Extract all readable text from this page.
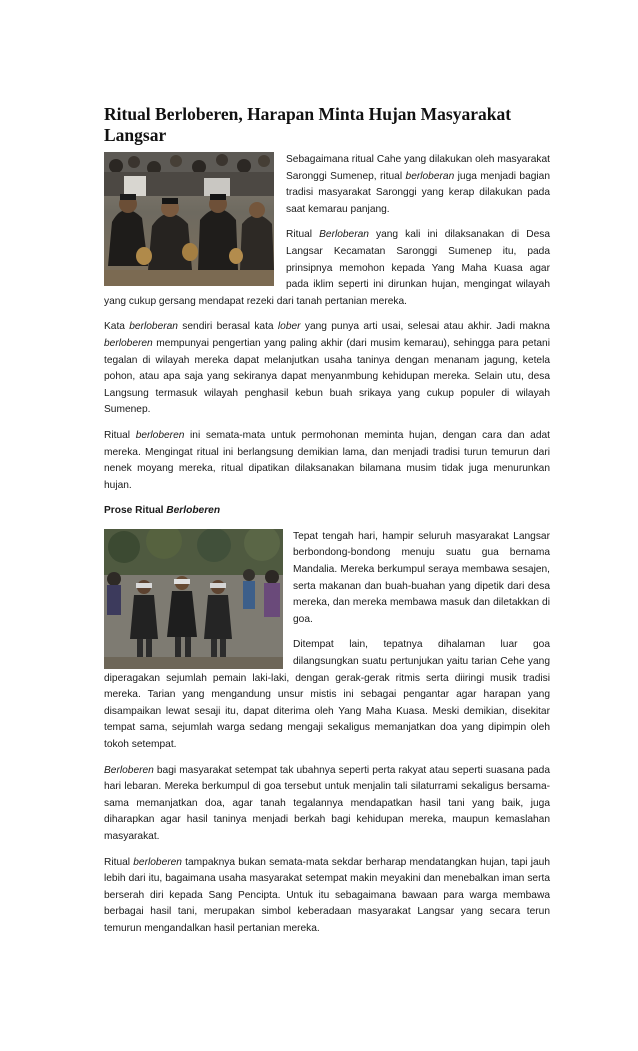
Ritual Berloberen, Harapan Minta Hujan Masyarakat Langsar

Sebagaimana ritual Cahe yang dilakukan oleh masyarakat Saronggi Sumenep, ritual berloberan juga menjadi bagian tradisi masyarakat Saronggi yang kerap dilakukan pada saat kemarau panjang.

Ritual Berloberan yang kali ini dilaksanakan di Desa Langsar Kecamatan Saronggi Sumenep itu, pada prinsipnya memohon kepada Yang Maha Kuasa agar pada iklim seperti ini dirunkan hujan, mengingat wilayah yang cukup gersang mendapat rezeki dari tanah pertanian mereka.

Kata berloberan sendiri berasal kata lober yang punya arti usai, selesai atau akhir. Jadi makna berloberen mempunyai pengertian yang paling akhir (dari musim kemarau), sehingga para petani tegalan di wilayah mereka dapat melanjutkan usaha taninya dengan menanam jagung, ketela pohon, atau apa saja yang sekiranya dapat menyanmbung kehidupan mereka. Selain utu, desa Langsung termasuk wilayah penghasil kebun buah srikaya yang cukup populer di wilayah Sumenep.

Ritual berloberen ini semata-mata untuk permohonan meminta hujan, dengan cara dan adat mereka. Mengingat ritual ini berlangsung demikian lama, dan menjadi tradisi turun temurun dari nenek moyang mereka, ritual dipatikan dilaksanakan bilamana musim tidak juga menurunkan hujan.

Prose Ritual Berloberen

Tepat tengah hari, hampir seluruh masyarakat Langsar berbondong-bondong menuju suatu gua bernama Mandalia. Mereka berkumpul seraya membawa sesajen, serta makanan dan buah-buahan yang dipetik dari desa mereka, dan mereka membawa masuk dan diletakkan di goa.

Ditempat lain, tepatnya dihalaman luar goa dilangsungkan suatu pertunjukan yaitu tarian Cehe yang diperagakan sejumlah pemain laki-laki, dengan gerak-gerak ritmis serta diiringi musik tradisi mereka. Tarian yang mengandung unsur mistis ini sebagai pengantar agar harapan yang disampaikan lewat sesaji itu, dapat diterima oleh Yang Maha Kuasa. Meski demikian, disekitar tempat sama, sejumlah warga sedang mengaji sekaligus memanjatkan doa yang dipimpin oleh tokoh setempat.

Berloberen bagi masyarakat setempat tak ubahnya seperti perta rakyat atau seperti suasana pada hari lebaran. Mereka berkumpul di goa tersebut untuk menjalin tali silaturrami sekaligus bersama-sama memanjatkan doa, agar tanah tegalannya mendapatkan hasil tani yang baik, juga diharapkan agar hasil taninya menjadi berkah bagi kehidupan mereka, maupun kemaslahan masyarakat.

Ritual berloberen tampaknya bukan semata-mata sekdar berharap mendatangkan hujan, tapi jauh lebih dari itu, bagaimana usaha masyarakat setempat makin meyakini dan menebalkan iman serta berserah diri kepada Sang Pencipta. Untuk itu sebagaimana bawaan para warga membawa berbagai hasil tani, merupakan simbol keberadaan masyarakat Langsar yang secara terun temurun mengandalkan hasil pertanian mereka.
